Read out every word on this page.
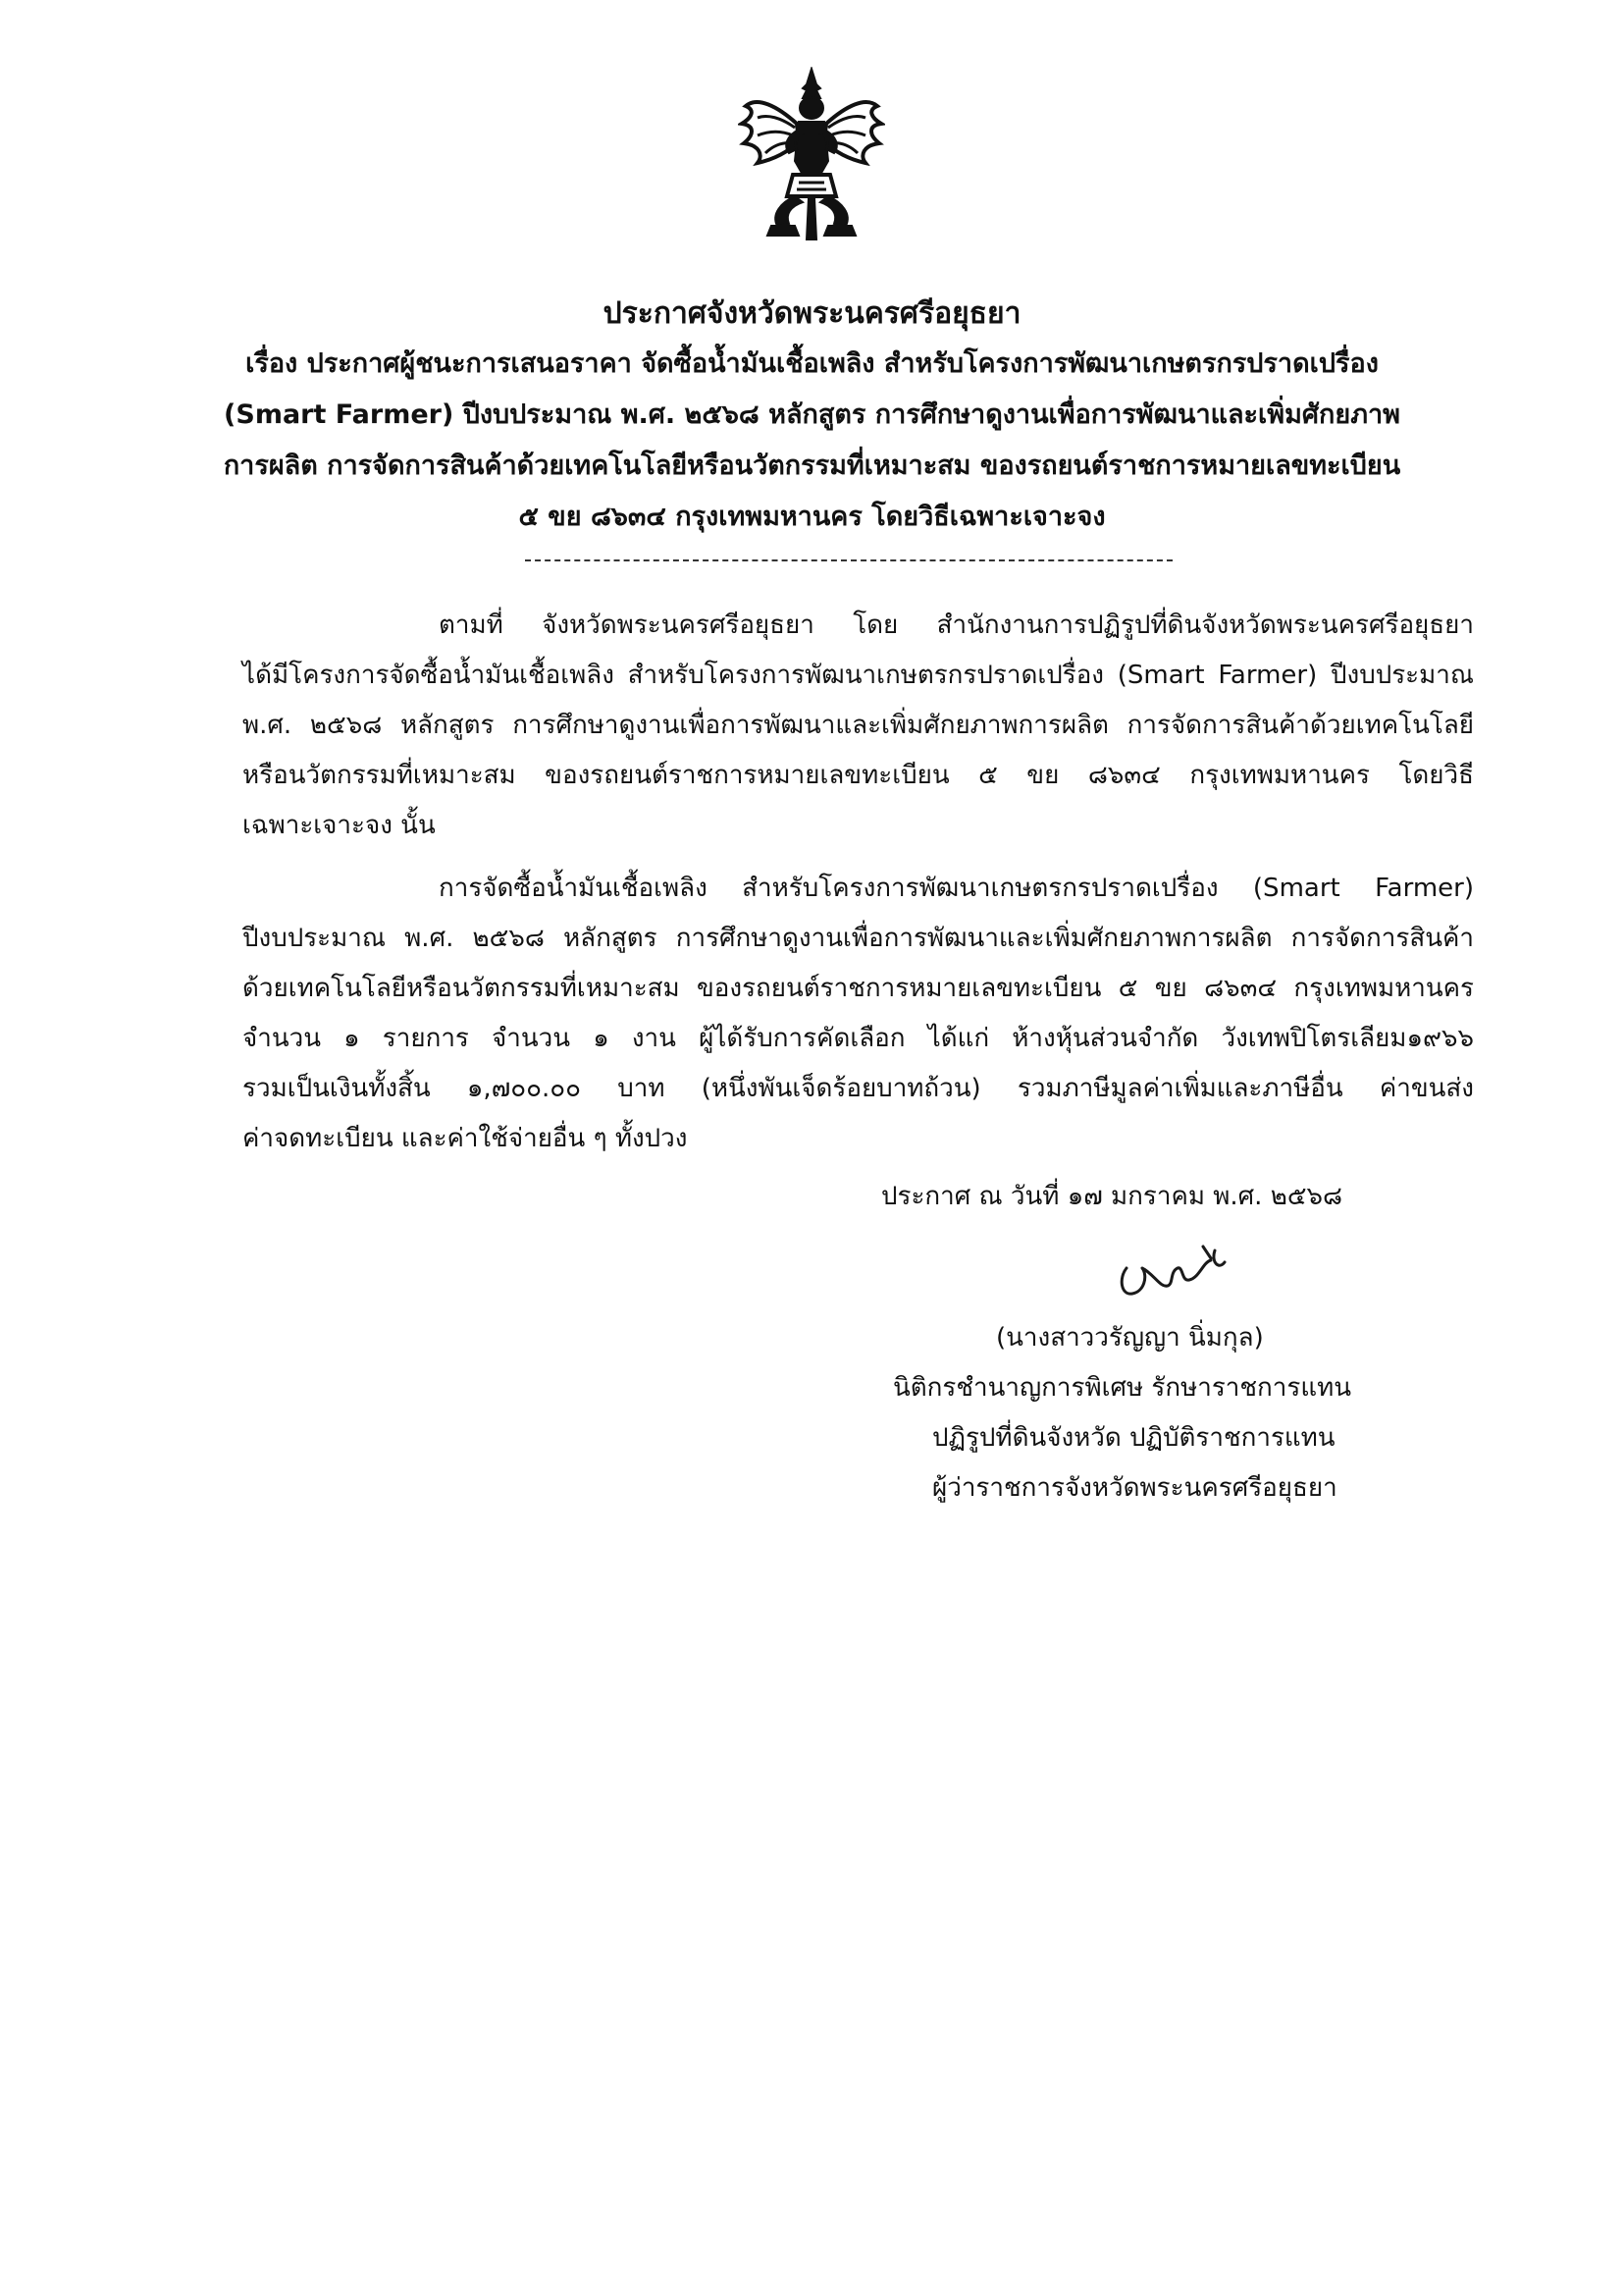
ประกาศจังหวัดพระนครศรีอยุธยา
เรื่อง ประกาศผู้ชนะการเสนอราคา จัดซื้อน้ำมันเชื้อเพลิง สำหรับโครงการพัฒนาเกษตรกรปราดเปรื่อง
(Smart Farmer) ปีงบประมาณ พ.ศ. ๒๕๖๘ หลักสูตร การศึกษาดูงานเพื่อการพัฒนาและเพิ่มศักยภาพ
การผลิต การจัดการสินค้าด้วยเทคโนโลยีหรือนวัตกรรมที่เหมาะสม ของรถยนต์ราชการหมายเลขทะเบียน
๕ ขย ๘๖๓๔ กรุงเทพมหานคร โดยวิธีเฉพาะเจาะจง
ตามที่ จังหวัดพระนครศรีอยุธยา โดย สำนักงานการปฏิรูปที่ดินจังหวัดพระนครศรีอยุธยา
ได้มีโครงการจัดซื้อน้ำมันเชื้อเพลิง สำหรับโครงการพัฒนาเกษตรกรปราดเปรื่อง (Smart Farmer) ปีงบประมาณ
พ.ศ. ๒๕๖๘ หลักสูตร การศึกษาดูงานเพื่อการพัฒนาและเพิ่มศักยภาพการผลิต การจัดการสินค้าด้วยเทคโนโลยี
หรือนวัตกรรมที่เหมาะสม ของรถยนต์ราชการหมายเลขทะเบียน ๕ ขย ๘๖๓๔ กรุงเทพมหานคร โดยวิธี
เฉพาะเจาะจง นั้น
การจัดซื้อน้ำมันเชื้อเพลิง สำหรับโครงการพัฒนาเกษตรกรปราดเปรื่อง (Smart Farmer)
ปีงบประมาณ พ.ศ. ๒๕๖๘ หลักสูตร การศึกษาดูงานเพื่อการพัฒนาและเพิ่มศักยภาพการผลิต การจัดการสินค้า
ด้วยเทคโนโลยีหรือนวัตกรรมที่เหมาะสม ของรถยนต์ราชการหมายเลขทะเบียน ๕ ขย ๘๖๓๔ กรุงเทพมหานคร
จำนวน ๑ รายการ จำนวน ๑ งาน ผู้ได้รับการคัดเลือก ได้แก่ ห้างหุ้นส่วนจำกัด วังเทพปิโตรเลียม๑๙๖๖
รวมเป็นเงินทั้งสิ้น ๑,๗๐๐.๐๐ บาท (หนึ่งพันเจ็ดร้อยบาทถ้วน) รวมภาษีมูลค่าเพิ่มและภาษีอื่น ค่าขนส่ง
ค่าจดทะเบียน และค่าใช้จ่ายอื่น ๆ ทั้งปวง
ประกาศ ณ วันที่ ๑๗ มกราคม พ.ศ. ๒๕๖๘
(นางสาววรัญญา นิ่มกุล)
นิติกรชำนาญการพิเศษ รักษาราชการแทน
ปฏิรูปที่ดินจังหวัด ปฏิบัติราชการแทน
ผู้ว่าราชการจังหวัดพระนครศรีอยุธยา
